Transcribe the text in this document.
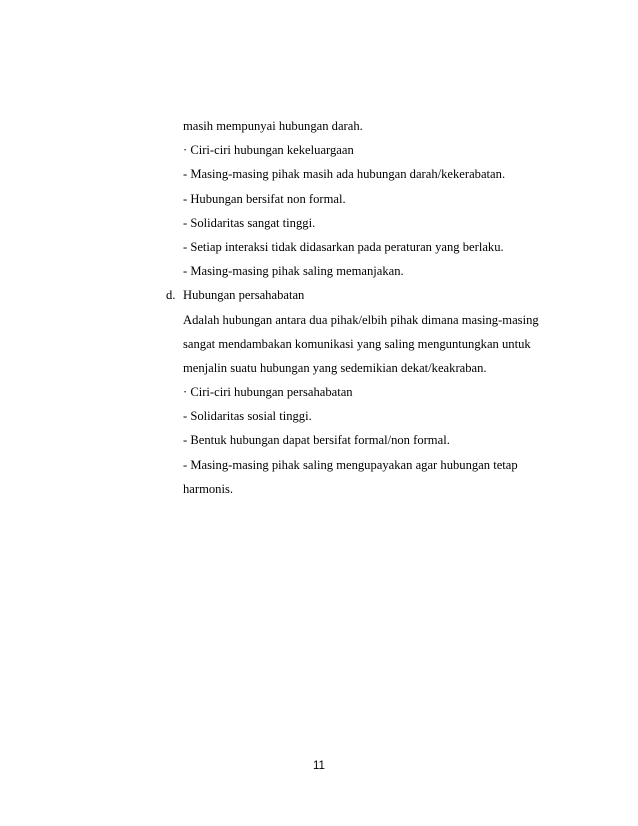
masih mempunyai hubungan darah.
· Ciri-ciri hubungan kekeluargaan
- Masing-masing pihak masih ada hubungan darah/kekerabatan.
- Hubungan bersifat non formal.
- Solidaritas sangat tinggi.
- Setiap interaksi tidak didasarkan pada peraturan yang berlaku.
- Masing-masing pihak saling memanjakan.
d. Hubungan persahabatan
Adalah hubungan antara dua pihak/elbih pihak dimana masing-masing
sangat mendambakan komunikasi yang saling menguntungkan untuk
menjalin suatu hubungan yang sedemikian dekat/keakraban.
· Ciri-ciri hubungan persahabatan
- Solidaritas sosial tinggi.
- Bentuk hubungan dapat bersifat formal/non formal.
- Masing-masing pihak saling mengupayakan agar hubungan tetap
harmonis.
11
